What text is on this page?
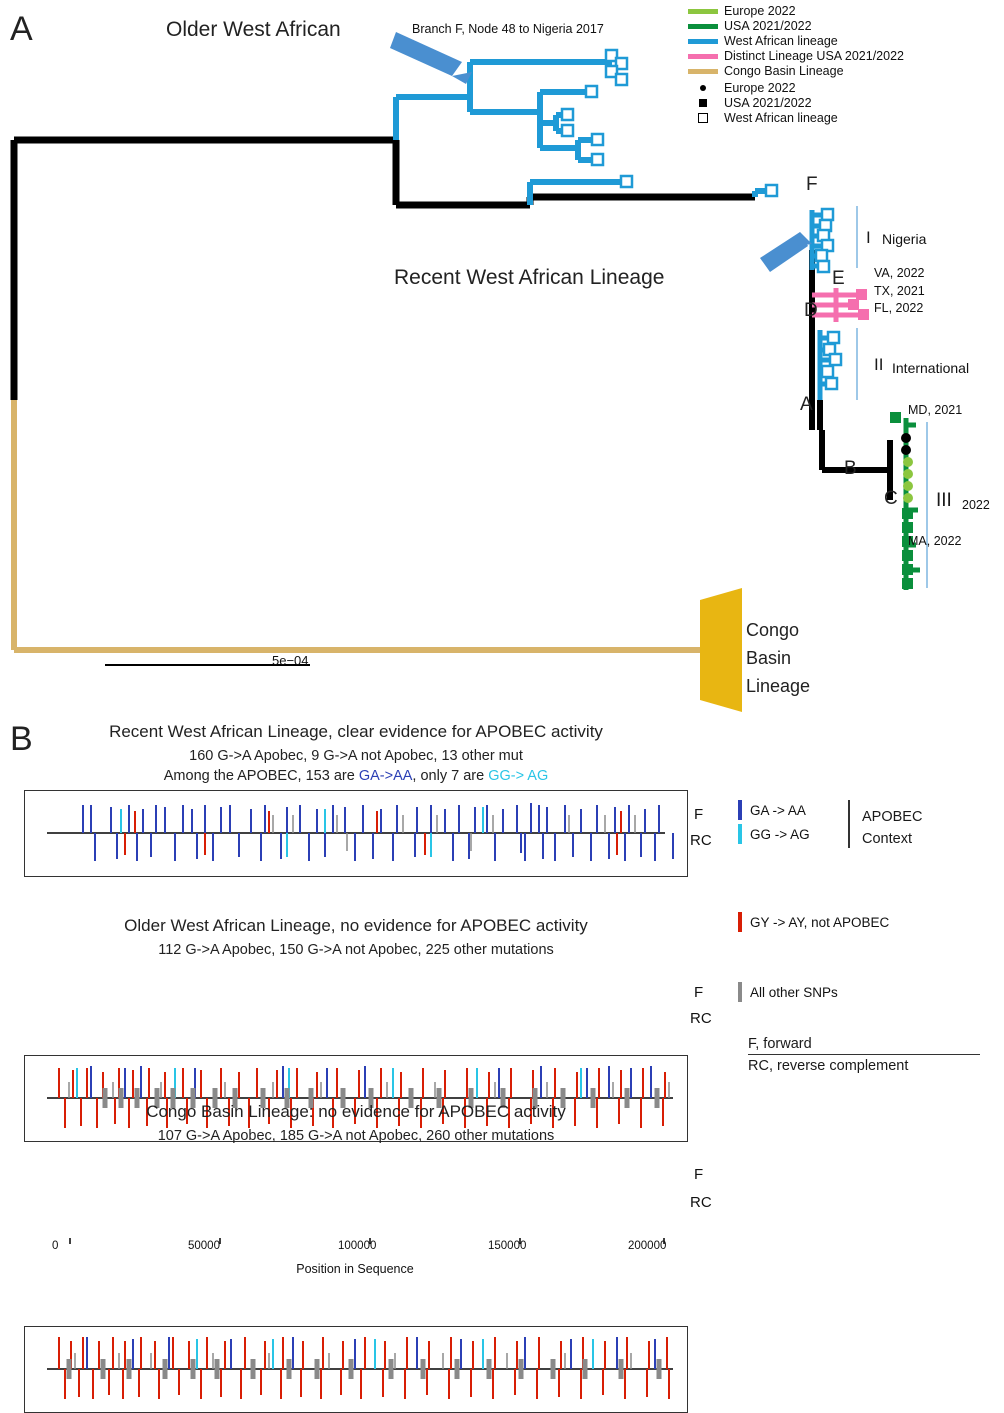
A	Europe 2022
USA 2021/2022
West African lineage
Distinct Lineage USA 2021/2022
Congo Basin Lineage
Europe 2022
USA 2021/2022
West African lineage
Older West African	Branch F, Node 48 to Nigeria 2017
Recent West African Lineage
F
E
D
A
B
C
I Nigeria
VA, 2022
TX, 2021
FL, 2022
II International
MD, 2021
III 2022
MA, 2022
5e−04
Congo
Basin
Lineage
B	Recent West African Lineage, clear evidence for APOBEC activity
160 G->A Apobec, 9 G->A not Apobec, 13 other mut
Among the APOBEC, 153 are GA->AA, only 7 are GG-> AG
F
RC
GA -> AA
GG -> AG
APOBEC
Context
GY -> AY, not APOBEC
All other SNPs
F, forward
RC, reverse complement
Older West African Lineage, no evidence for APOBEC activity
112 G->A Apobec, 150 G->A not Apobec, 225 other mutations
F
RC
Congo Basin Lineage: no evidence for APOBEC activity
107 G->A Apobec, 185 G->A not Apobec, 260 other mutations
F
RC
0	50000	100000	150000	200000
Position in Sequence
